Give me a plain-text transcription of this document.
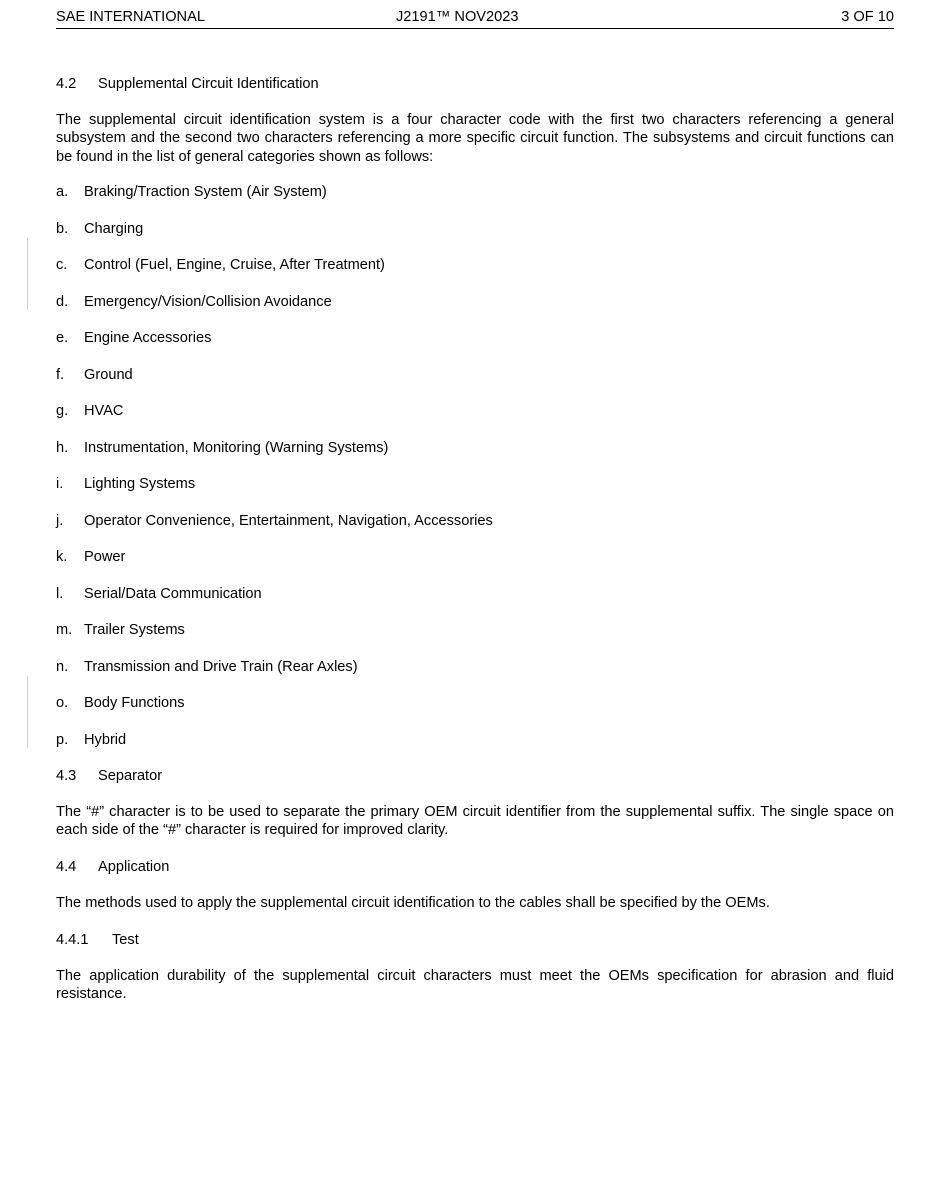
SAE INTERNATIONAL	J2191™ NOV2023	3 OF 10
4.2 Supplemental Circuit Identification
The supplemental circuit identification system is a four character code with the first two characters referencing a general subsystem and the second two characters referencing a more specific circuit function. The subsystems and circuit functions can be found in the list of general categories shown as follows:
a. Braking/Traction System (Air System)
b. Charging
c. Control (Fuel, Engine, Cruise, After Treatment)
d. Emergency/Vision/Collision Avoidance
e. Engine Accessories
f. Ground
g. HVAC
h. Instrumentation, Monitoring (Warning Systems)
i. Lighting Systems
j. Operator Convenience, Entertainment, Navigation, Accessories
k. Power
l. Serial/Data Communication
m. Trailer Systems
n. Transmission and Drive Train (Rear Axles)
o. Body Functions
p. Hybrid
4.3 Separator
The “#” character is to be used to separate the primary OEM circuit identifier from the supplemental suffix. The single space on each side of the “#” character is required for improved clarity.
4.4 Application
The methods used to apply the supplemental circuit identification to the cables shall be specified by the OEMs.
4.4.1 Test
The application durability of the supplemental circuit characters must meet the OEMs specification for abrasion and fluid resistance.
